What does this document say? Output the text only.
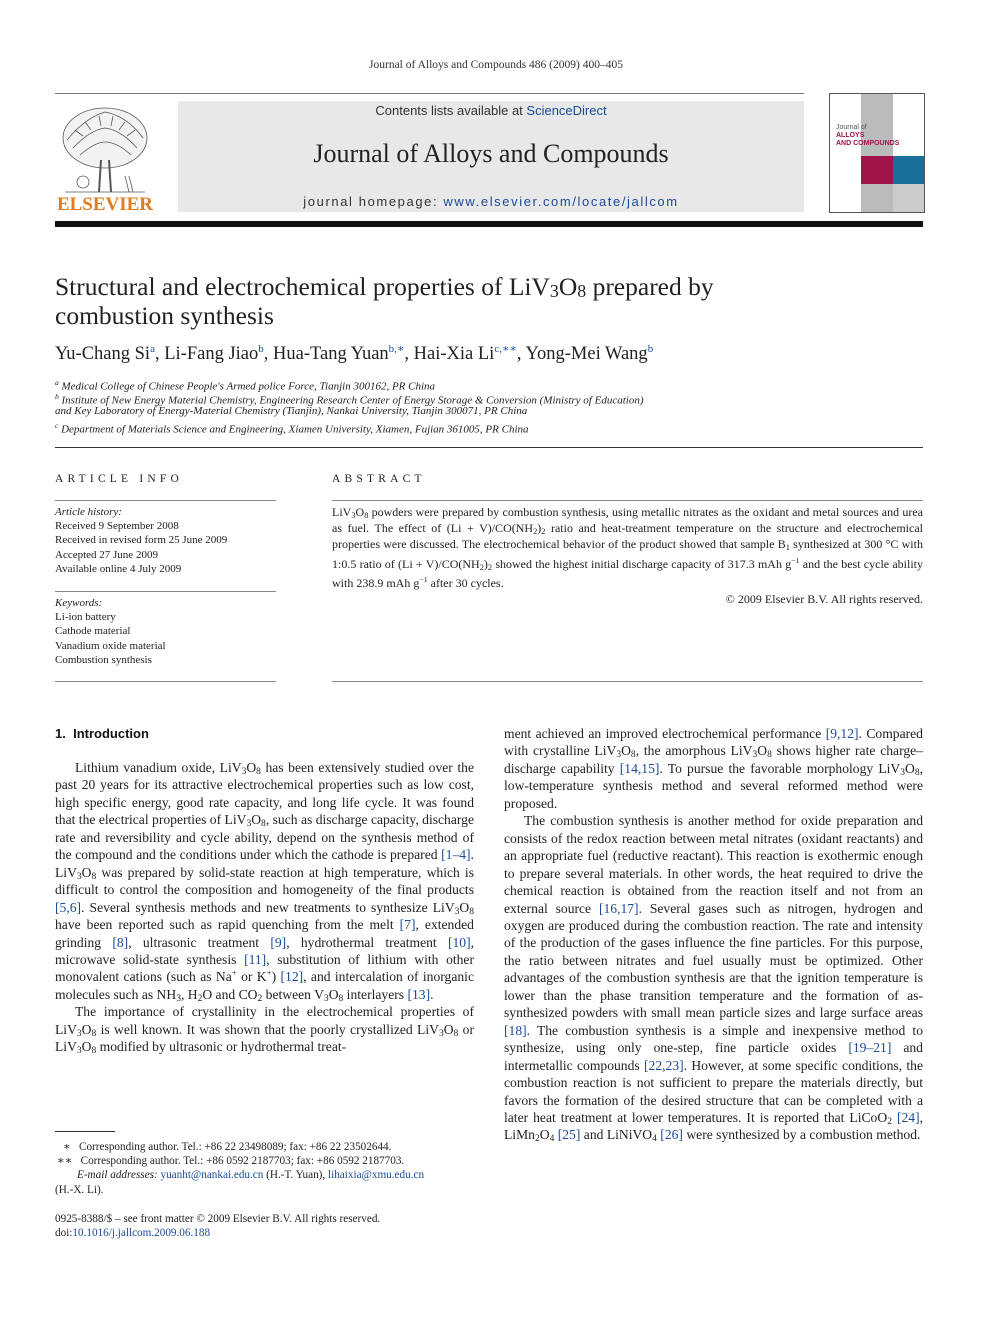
Journal of Alloys and Compounds 486 (2009) 400–405
ELSEVIER
Contents lists available at ScienceDirect
Journal of Alloys and Compounds
journal homepage: www.elsevier.com/locate/jallcom
Journal of
ALLOYS
AND COMPOUNDS
Structural and electrochemical properties of $LiV_3O_8$ prepared by
combustion synthesis
Yu-Chang Si$^a$, Li-Fang Jiao$^b$, Hua-Tang Yuan$^{b,∗}$, Hai-Xia $Li^{c,∗∗}$, Yong-Mei Wang$^b$
$^a$ Medical College of Chinese People's Armed police Force, Tianjin 300162, PR China
$^b$ Institute of New Energy Material Chemistry, Engineering Research Center of Energy Storage & Conversion (Ministry of Education)
and Key Laboratory of Energy-Material Chemistry (Tianjin), Nankai University, Tianjin 300071, PR China
$^c$ Department of Materials Science and Engineering, Xiamen University, Xiamen, Fujian 361005, PR China
ARTICLE INFO
Article history:
Received 9 September 2008
Received in revised form 25 June 2009
Accepted 27 June 2009
Available online 4 July 2009
Keywords:
Li-ion battery
Cathode material
Vanadium oxide material
Combustion synthesis
ABSTRACT
$LiV_3O_8$ powders were prepared by combustion synthesis, using metallic nitrates as the oxidant and metal sources and urea as fuel. The effect of $(Li + V)/CO(NH_2)_2$ ratio and heat-treatment temperature on the structure and electrochemical properties were discussed. The electrochemical behavior of the product showed that sample $B_1$ synthesized at 300 °C with 1:0.5 ratio of $(Li + V)/CO(NH_2)_2$ showed the highest initial discharge capacity of 317.3 mAh $g^{-1}$ and the best cycle ability with 238.9 mAh $g^{-1}$ after 30 cycles.
© 2009 Elsevier B.V. All rights reserved.
1. Introduction

Lithium vanadium oxide, $LiV_3O_8$ has been extensively studied over the past 20 years for its attractive electrochemical properties such as low cost, high specific energy, good rate capacity, and long life cycle. It was found that the electrical properties of $LiV_3O_8$, such as discharge capacity, discharge rate and reversibility and cycle ability, depend on the synthesis method of the compound and the conditions under which the cathode is prepared [1–4]. $LiV_3O_8$ was prepared by solid-state reaction at high temperature, which is difficult to control the composition and homogeneity of the final products [5,6]. Several synthesis methods and new treatments to synthesize $LiV_3O_8$ have been reported such as rapid quenching from the melt [7], extended grinding [8], ultrasonic treatment [9], hydrothermal treatment [10], microwave solid-state synthesis [11], substitution of lithium with other monovalent cations (such as Na+ or K+) [12], and intercalation of inorganic molecules such as $NH_3$, $H_2O$ and $CO_2$ between $V_3O_8$ interlayers [13].

The importance of crystallinity in the electrochemical properties of $LiV_3O_8$ is well known. It was shown that the poorly crystallized $LiV_3O_8$ or $LiV_3O_8$ modified by ultrasonic or hydrothermal treat-

∗ Corresponding author. Tel.: +86 22 23498089; fax: +86 22 23502644.
∗∗ Corresponding author. Tel.: +86 0592 2187703; fax: +86 0592 2187703.
E-mail addresses: yuanht@nankai.edu.cn (H.-T. Yuan), lihaixia@xmu.edu.cn
(H.-X. Li).
0925-8388/$ – see front matter © 2009 Elsevier B.V. All rights reserved.
doi:10.1016/j.jallcom.2009.06.188

ment achieved an improved electrochemical performance [9,12]. Compared with crystalline $LiV_3O_8$, the amorphous $LiV_3O_8$ shows higher rate charge–discharge capability [14,15]. To pursue the favorable morphology $LiV_3O_8$, low-temperature synthesis method and several reformed method were proposed.

The combustion synthesis is another method for oxide preparation and consists of the redox reaction between metal nitrates (oxidant reactants) and an appropriate fuel (reductive reactant). This reaction is exothermic enough to prepare several materials. In other words, the heat required to drive the chemical reaction is obtained from the reaction itself and not from an external source [16,17]. Several gases such as nitrogen, hydrogen and oxygen are produced during the combustion reaction. The rate and intensity of the production of the gases influence the fine particles. For this purpose, the ratio between nitrates and fuel usually must be optimized. Other advantages of the combustion synthesis are that the ignition temperature is lower than the phase transition temperature and the formation of as-synthesized powders with small mean particle sizes and large surface areas [18]. The combustion synthesis is a simple and inexpensive method to synthesize, using only one-step, fine particle oxides [19–21] and intermetallic compounds [22,23]. However, at some specific conditions, the combustion reaction is not sufficient to prepare the materials directly, but favors the formation of the desired structure that can be completed with a later heat treatment at lower temperatures. It is reported that LiCoO$_2$ [24], $LiMn_2O_4$ [25] and LiNiVO$_4$ [26] were synthesized by a combustion method.
